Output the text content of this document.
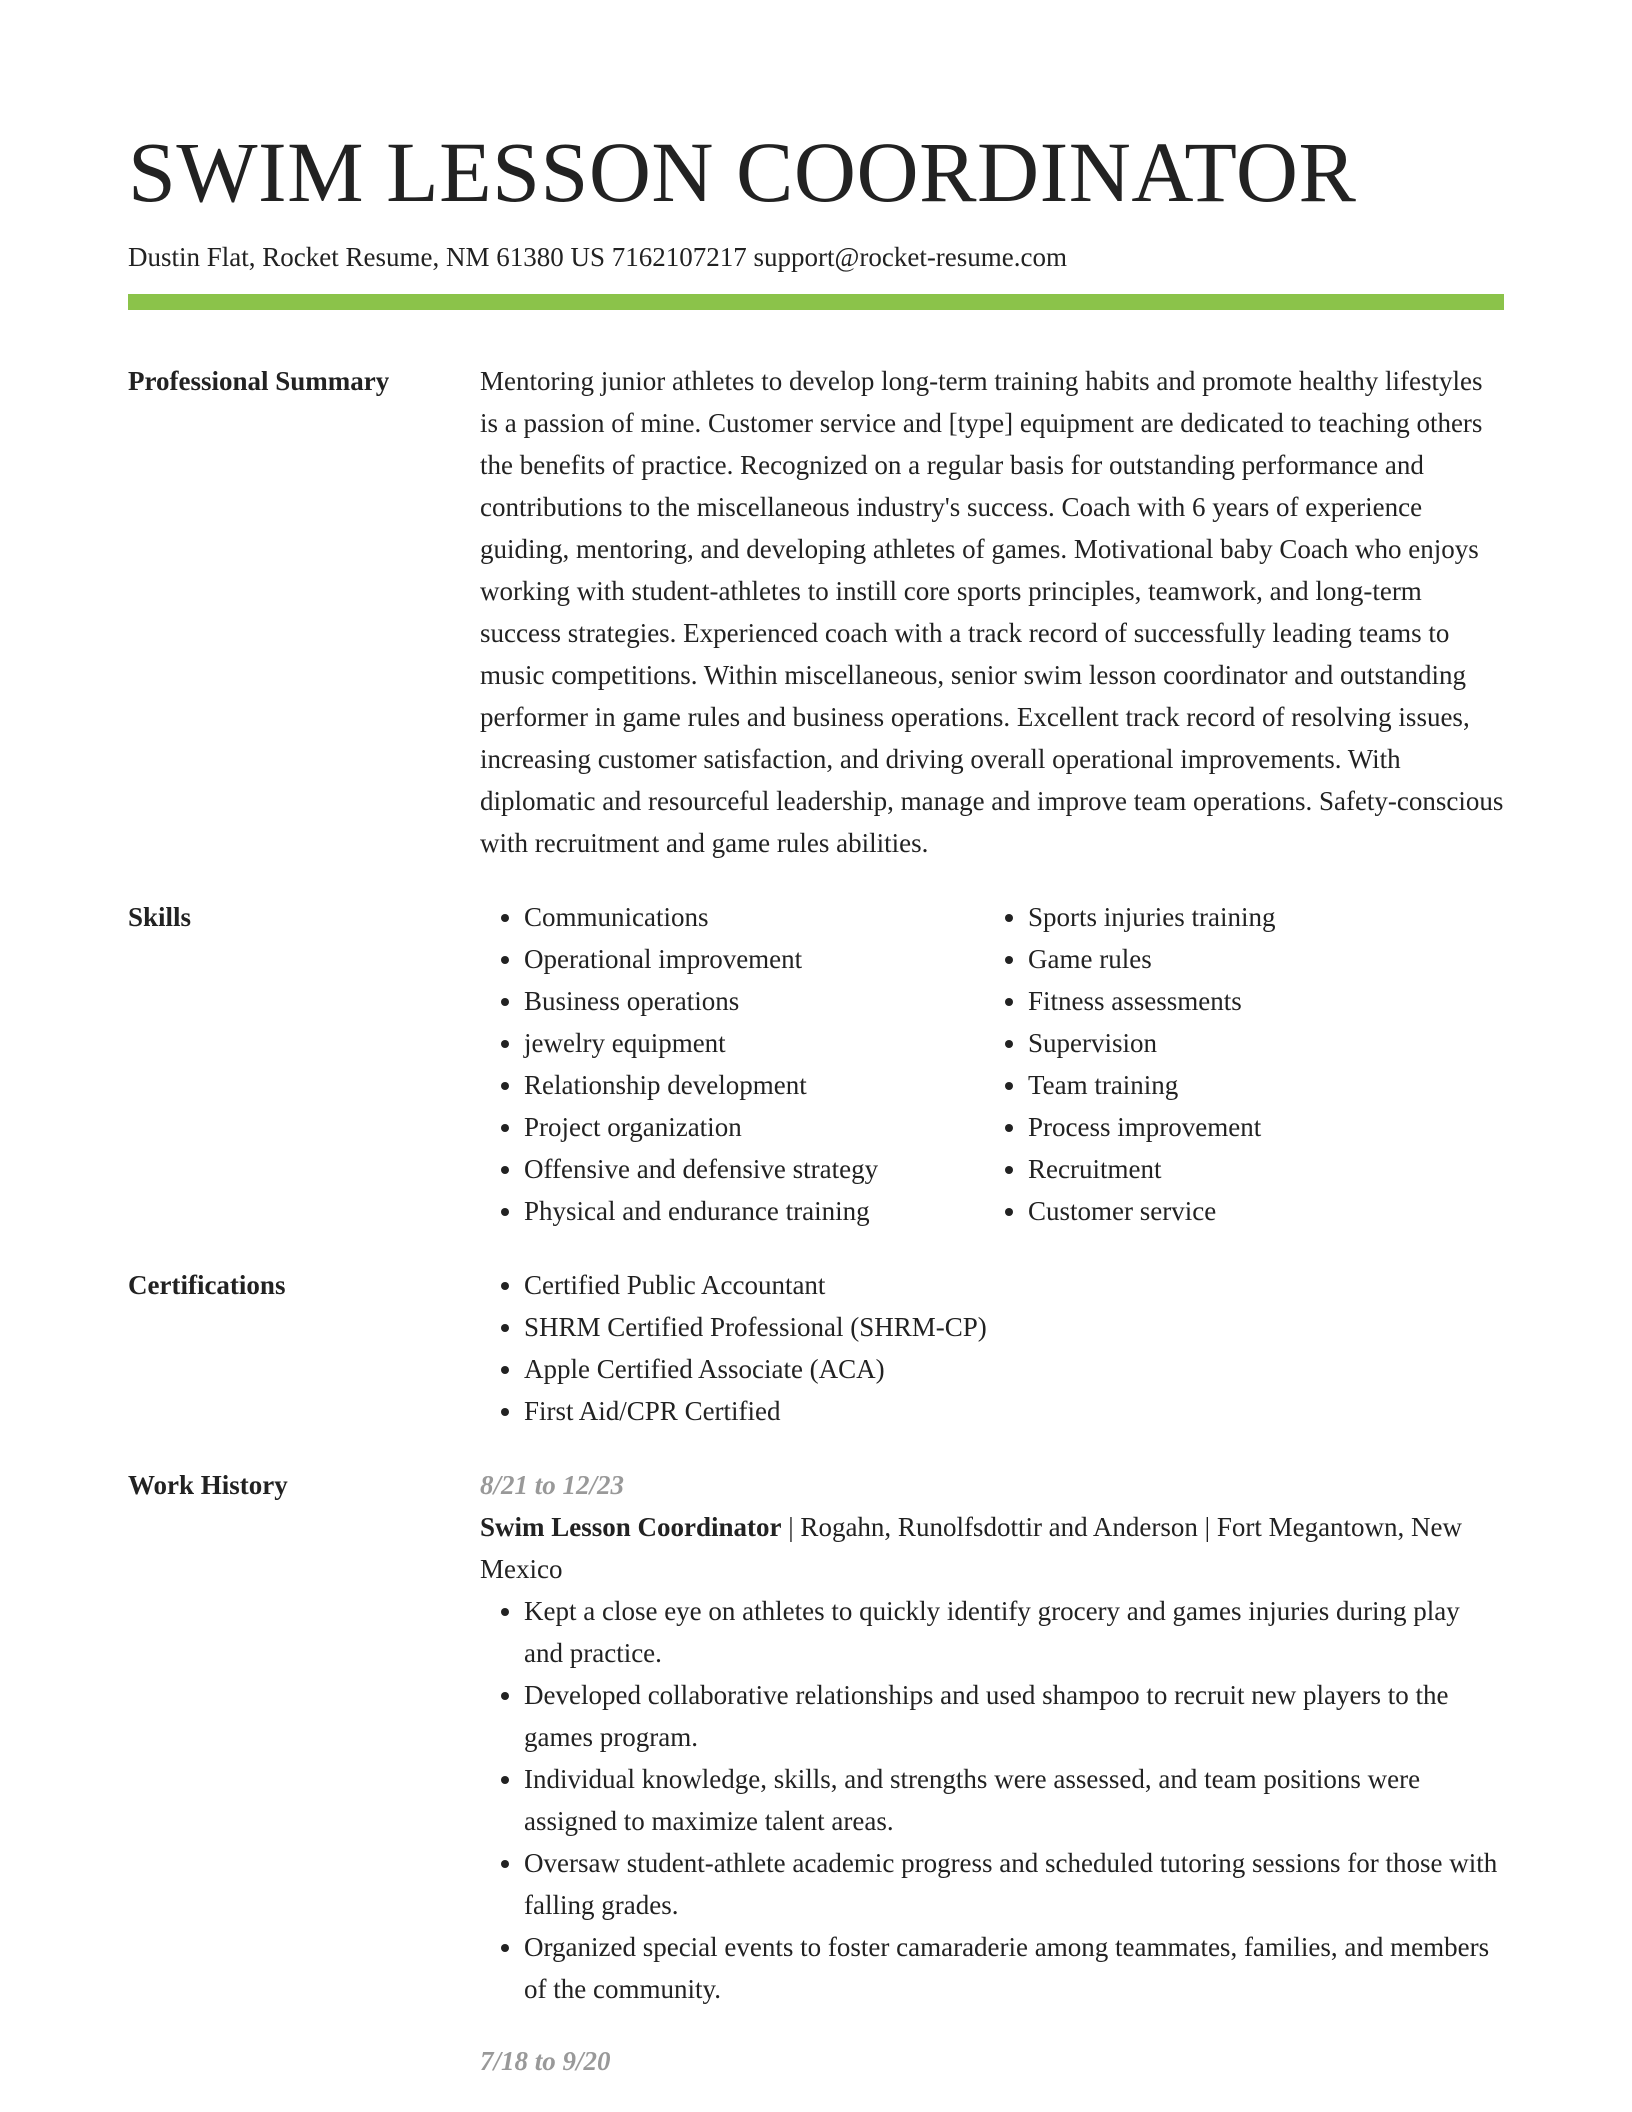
SWIM LESSON COORDINATOR
Dustin Flat, Rocket Resume, NM 61380 US 7162107217 support@rocket-resume.com
Professional Summary	Mentoring junior athletes to develop long-term training habits and promote healthy lifestyles is a passion of mine. Customer service and [type] equipment are dedicated to teaching others the benefits of practice. Recognized on a regular basis for outstanding performance and contributions to the miscellaneous industry's success. Coach with 6 years of experience guiding, mentoring, and developing athletes of games. Motivational baby Coach who enjoys working with student-athletes to instill core sports principles, teamwork, and long-term success strategies. Experienced coach with a track record of successfully leading teams to music competitions. Within miscellaneous, senior swim lesson coordinator and outstanding performer in game rules and business operations. Excellent track record of resolving issues, increasing customer satisfaction, and driving overall operational improvements. With diplomatic and resourceful leadership, manage and improve team operations. Safety-conscious with recruitment and game rules abilities.

Skills	• Communications
• Operational improvement
• Business operations
• jewelry equipment
• Relationship development
• Project organization
• Offensive and defensive strategy
• Physical and endurance training
• Sports injuries training
• Game rules
• Fitness assessments
• Supervision
• Team training
• Process improvement
• Recruitment
• Customer service
Certifications	• Certified Public Accountant
• SHRM Certified Professional (SHRM-CP)
• Apple Certified Associate (ACA)
• First Aid/CPR Certified
Work History	8/21 to 12/23
Swim Lesson Coordinator | Rogahn, Runolfsdottir and Anderson | Fort Megantown, New Mexico
• Kept a close eye on athletes to quickly identify grocery and games injuries during play and practice.
• Developed collaborative relationships and used shampoo to recruit new players to the games program.
• Individual knowledge, skills, and strengths were assessed, and team positions were assigned to maximize talent areas.
• Oversaw student-athlete academic progress and scheduled tutoring sessions for those with falling grades.
• Organized special events to foster camaraderie among teammates, families, and members of the community.
7/18 to 9/20
